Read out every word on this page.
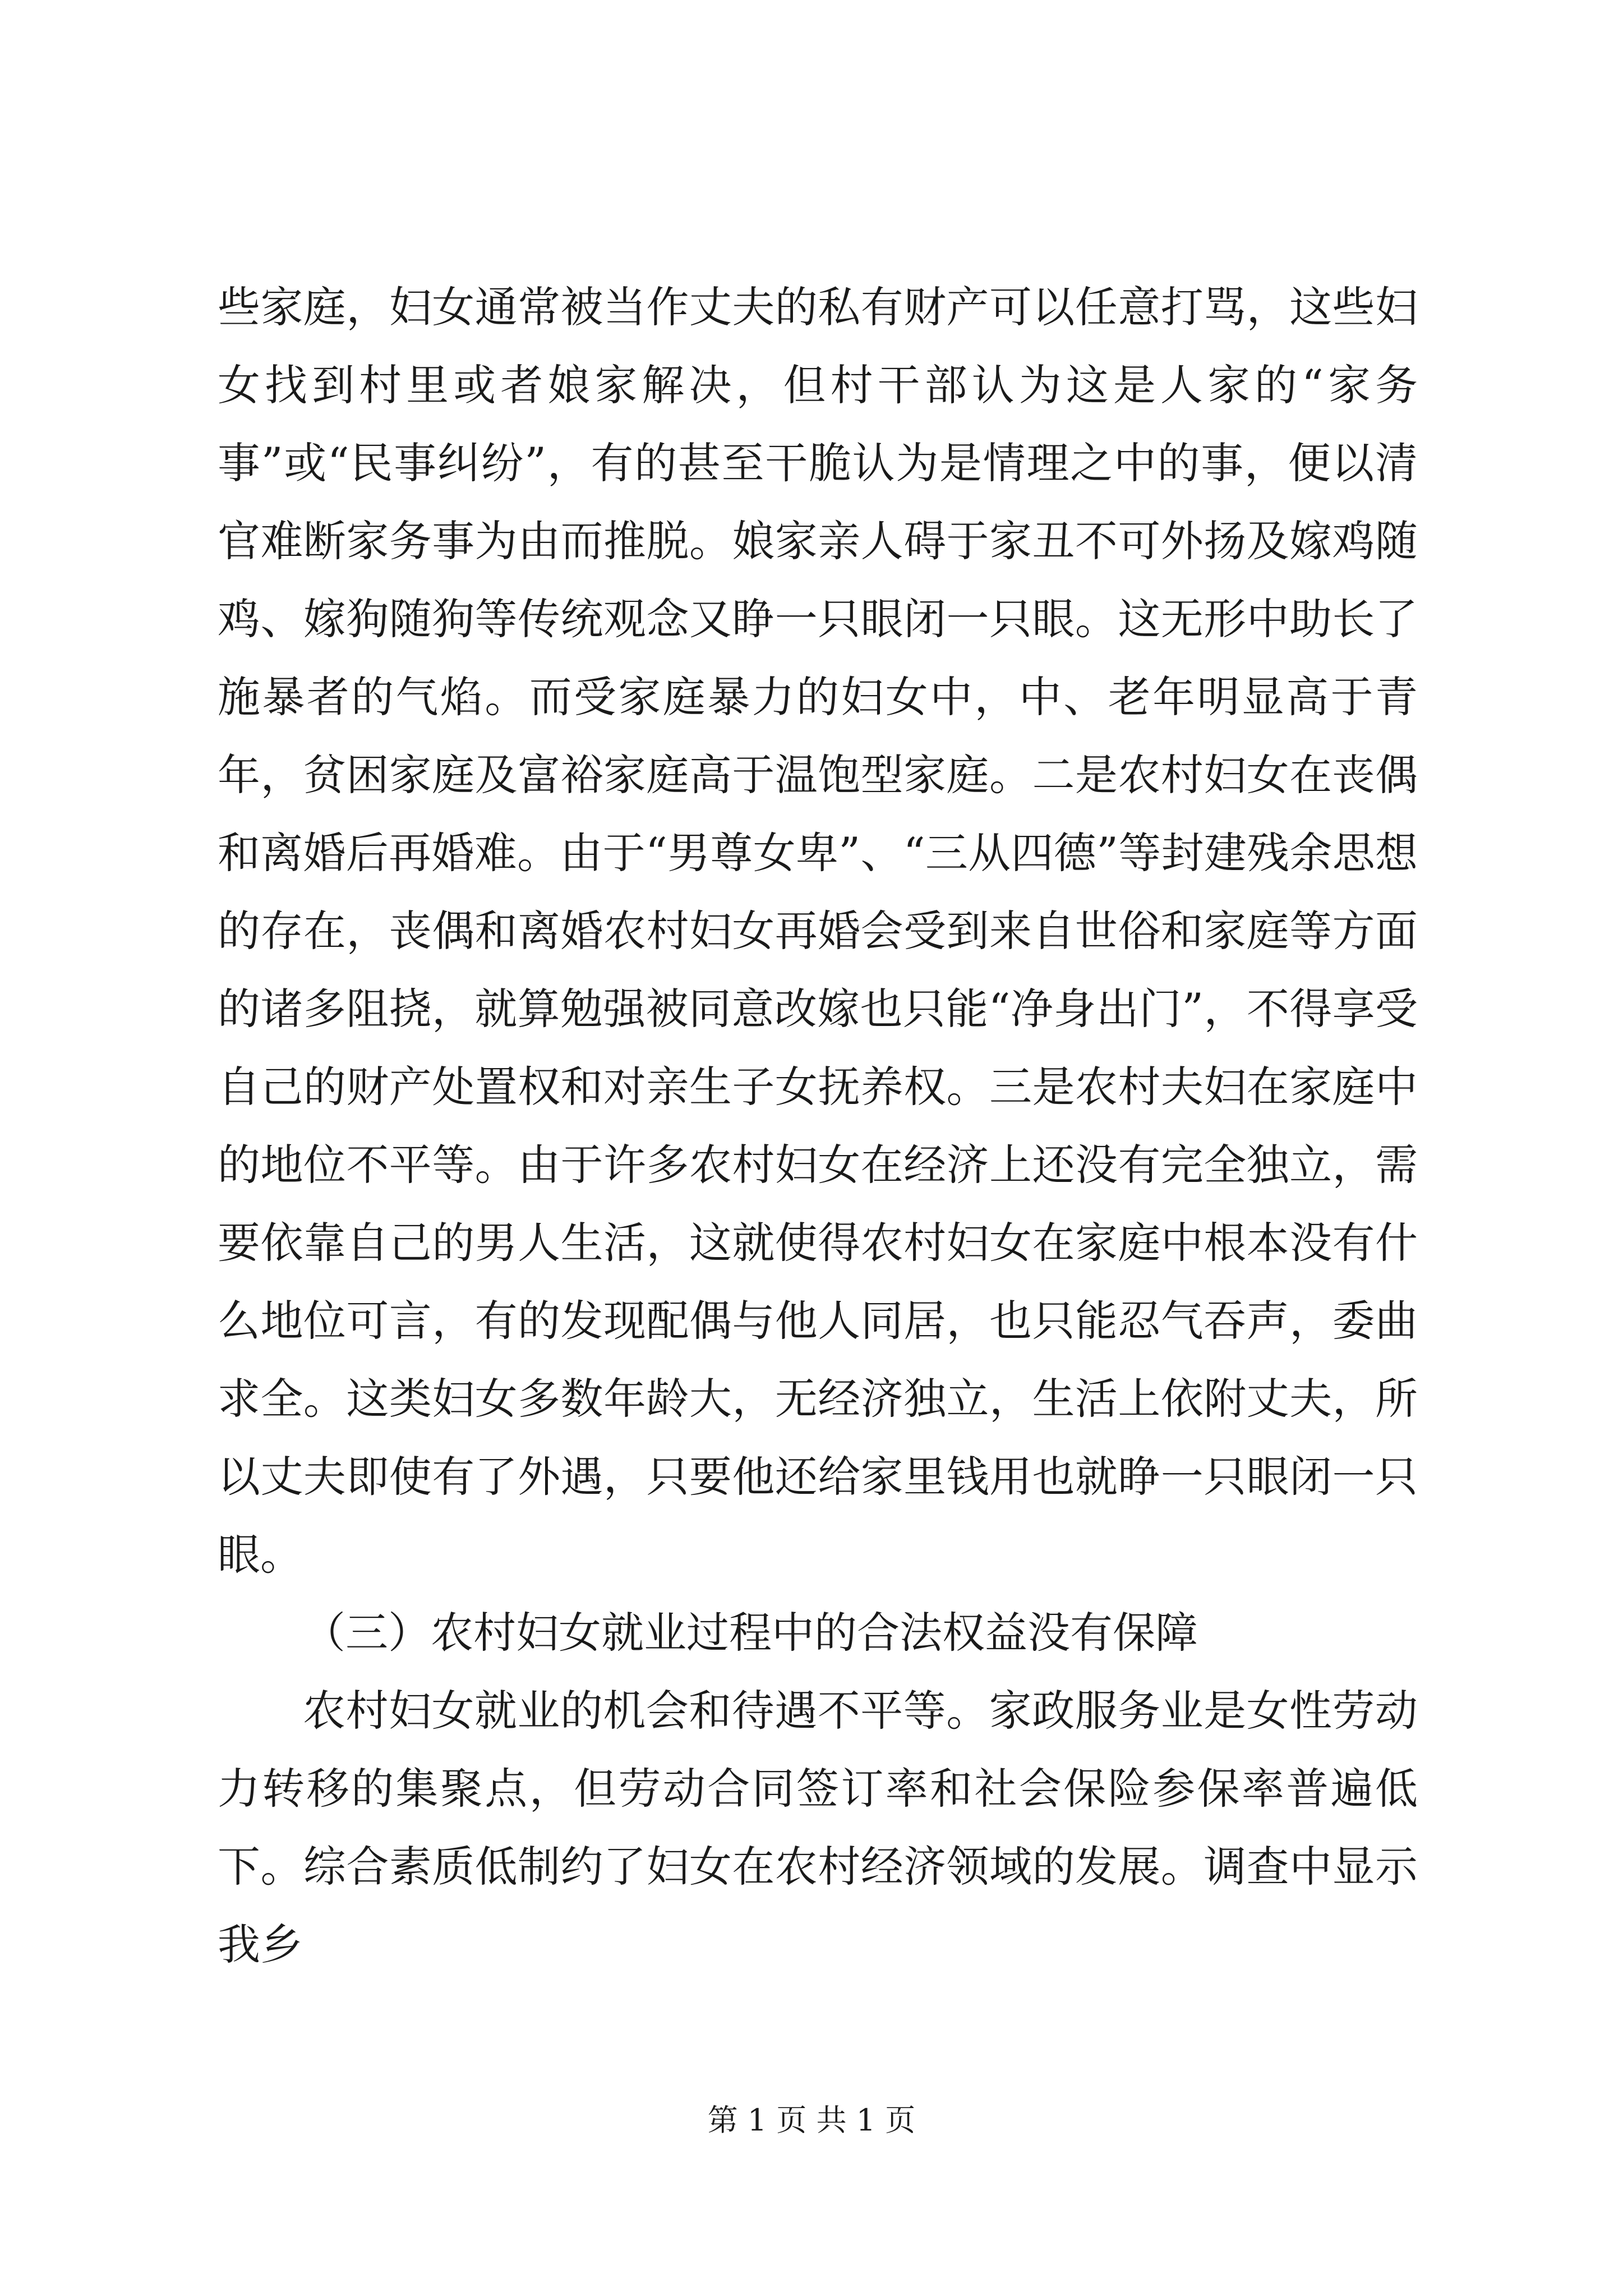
些家庭，妇女通常被当作丈夫的私有财产可以任意打骂，这些妇女找到村里或者娘家解决，但村干部认为这是人家的“家务事”或“民事纠纷”，有的甚至干脆认为是情理之中的事，便以清官难断家务事为由而推脱。娘家亲人碍于家丑不可外扬及嫁鸡随鸡、嫁狗随狗等传统观念又睁一只眼闭一只眼。这无形中助长了施暴者的气焰。而受家庭暴力的妇女中，中、老年明显高于青年，贫困家庭及富裕家庭高于温饱型家庭。二是农村妇女在丧偶和离婚后再婚难。由于“男尊女卑”、“三从四德”等封建残余思想的存在，丧偶和离婚农村妇女再婚会受到来自世俗和家庭等方面的诸多阻挠，就算勉强被同意改嫁也只能“净身出门”，不得享受自己的财产处置权和对亲生子女抚养权。三是农村夫妇在家庭中的地位不平等。由于许多农村妇女在经济上还没有完全独立，需要依靠自己的男人生活，这就使得农村妇女在家庭中根本没有什么地位可言，有的发现配偶与他人同居，也只能忍气吞声，委曲求全。这类妇女多数年龄大，无经济独立，生活上依附丈夫，所以丈夫即使有了外遇，只要他还给家里钱用也就睁一只眼闭一只眼。

（三）农村妇女就业过程中的合法权益没有保障

农村妇女就业的机会和待遇不平等。家政服务业是女性劳动力转移的集聚点，但劳动合同签订率和社会保险参保率普遍低下。综合素质低制约了妇女在农村经济领域的发展。调查中显示我乡

第 1 页 共 1 页
